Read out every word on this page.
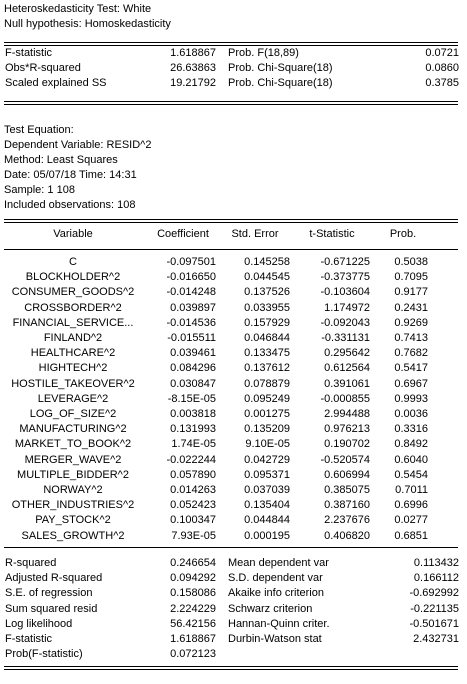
Heteroskedasticity Test: White
Null hypothesis: Homoskedasticity
F-statistic	1.618867 Prob. F(18,89)	0.0721
Obs*R-squared	26.63863 Prob. Chi-Square(18)	0.0860
Scaled explained SS	19.21792 Prob. Chi-Square(18)	0.3785
Test Equation:
Dependent Variable: RESID^2
Method: Least Squares
Date: 05/07/18 Time: 14:31
Sample: 1 108
Included observations: 108
Variable	Coefficient	Std. Error	t-Statistic	Prob.
C	-0.097501	0.145258	-0.671225	0.5038
BLOCKHOLDER^2	-0.016650	0.044545	-0.373775	0.7095
CONSUMER_GOODS^2	-0.014248	0.137526	-0.103604	0.9177
CROSSBORDER^2	0.039897	0.033955	1.174972	0.2431
FINANCIAL_SERVICE...	-0.014536	0.157929	-0.092043	0.9269
FINLAND^2	-0.015511	0.046844	-0.331131	0.7413
HEALTHCARE^2	0.039461	0.133475	0.295642	0.7682
HIGHTECH^2	0.084296	0.137612	0.612564	0.5417
HOSTILE_TAKEOVER^2	0.030847	0.078879	0.391061	0.6967
LEVERAGE^2	-8.15E-05	0.095249	-0.000855	0.9993
LOG_OF_SIZE^2	0.003818	0.001275	2.994488	0.0036
MANUFACTURING^2	0.131993	0.135209	0.976213	0.3316
MARKET_TO_BOOK^2	1.74E-05	9.10E-05	0.190702	0.8492
MERGER_WAVE^2	-0.022244	0.042729	-0.520574	0.6040
MULTIPLE_BIDDER^2	0.057890	0.095371	0.606994	0.5454
NORWAY^2	0.014263	0.037039	0.385075	0.7011
OTHER_INDUSTRIES^2	0.052423	0.135404	0.387160	0.6996
PAY_STOCK^2	0.100347	0.044844	2.237676	0.0277
SALES_GROWTH^2	7.93E-05	0.000195	0.406820	0.6851
R-squared	0.246654 Mean dependent var	0.113432
Adjusted R-squared	0.094292 S.D. dependent var	0.166112
S.E. of regression	0.158086 Akaike info criterion	-0.692992
Sum squared resid	2.224229 Schwarz criterion	-0.221135
Log likelihood	56.42156 Hannan-Quinn criter.	-0.501671
F-statistic	1.618867 Durbin-Watson stat	2.432731
Prob(F-statistic)	0.072123
